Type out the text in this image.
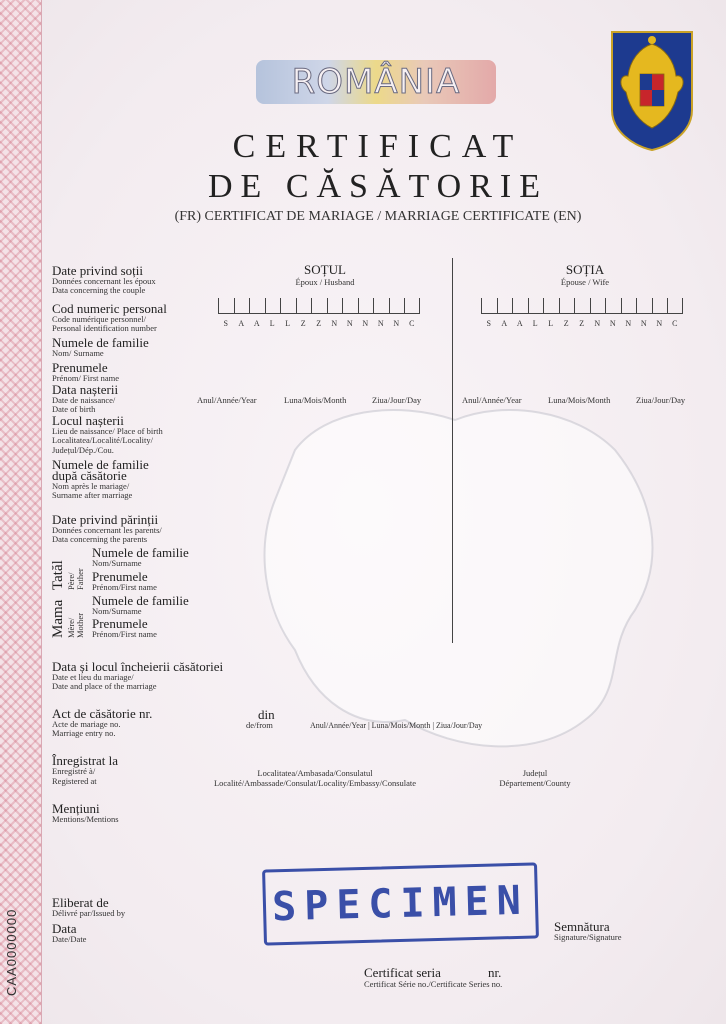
CAA0000000
ROMÂNIA
CERTIFICAT
DE CĂSĂTORIE
(FR) CERTIFICAT DE MARIAGE / MARRIAGE CERTIFICATE (EN)
Date privind soții
Données concernant les époux
Data concerning the couple
SOȚUL
Époux / Husband
SOȚIA
Épouse / Wife
Cod numeric personal
Code numérique personnel/
Personal identification number	S	A	A	L	L	Z	Z	N	N	N	N	N	C	S	A	A	L	L	Z	Z	N	N	N	N	N	C
Numele de familie
Nom/ Surname
Prenumele
Prénom/ First name
Data nașterii
Date de naissance/
Date of birth
Anul/Année/Year	Luna/Mois/Month	Ziua/Jour/Day	Anul/Année/Year	Luna/Mois/Month	Ziua/Jour/Day
Locul nașterii
Lieu de naissance/ Place of birth
Localitatea/Localité/Locality/
Județul/Dép./Cou.
Numele de familie
după căsătorie
Nom après le mariage/
Surname after marriage
Date privind părinții
Données concernant les parents/
Data concerning the parents
Tatăl Père/ Father
Numele de familie
Nom/Surname
Prenumele
Prénom/First name
Mama Mère/ Mother
Numele de familie
Nom/Surname
Prenumele
Prénom/First name
Data și locul încheierii căsătoriei
Date et lieu du mariage/
Date and place of the marriage
Act de căsătorie nr.
Acte de mariage no.
Marriage entry no.
din
de/from	Anul/Année/Year | Luna/Mois/Month | Ziua/Jour/Day
Înregistrat la
Enregistré à/
Registered at
Localitatea/Ambasada/Consulatul
Localité/Ambassade/Consulat/Locality/Embassy/Consulate
Județul
Département/County
Mențiuni
Mentions/Mentions
Eliberat de
Délivré par/Issued by
Data
Date/Date
SPECIMEN Semnătura
Signature/Signature
Certificat seria	nr.
Certificat Série no./Certificate Series no.
